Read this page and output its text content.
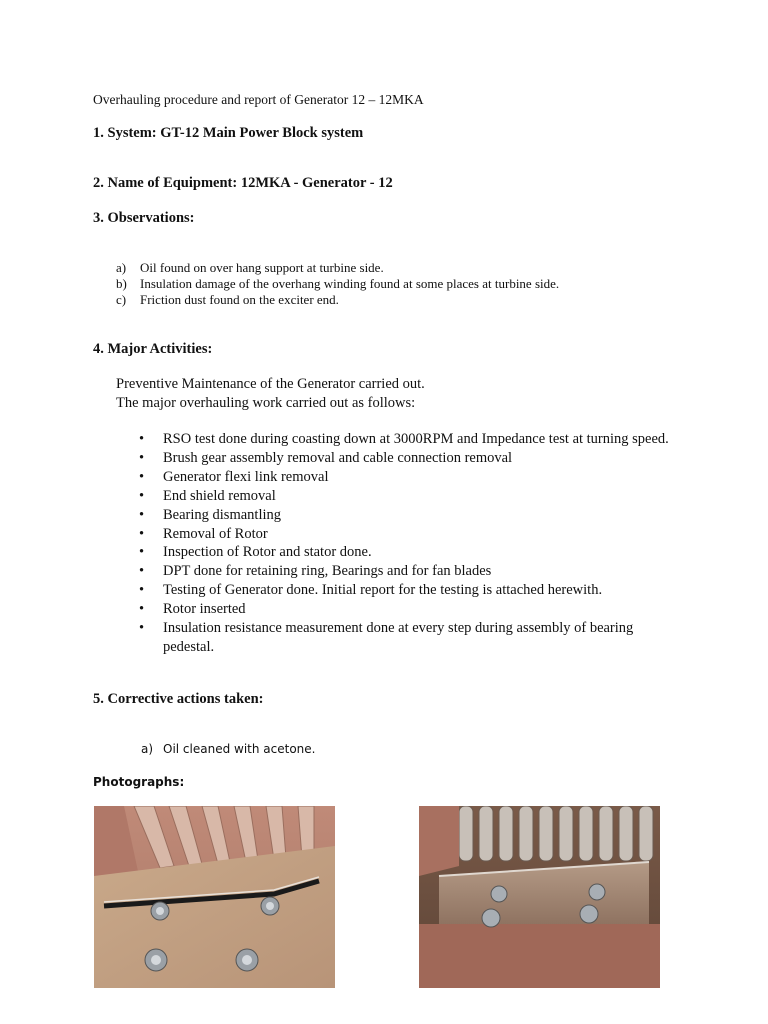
Overhauling procedure and report of Generator 12 – 12MKA
1. System: GT-12 Main Power Block system
2. Name of Equipment: 12MKA - Generator - 12
3. Observations:
a)	Oil found on over hang support at turbine side.
b)	Insulation damage of the overhang winding found at some places at turbine side.
c)	Friction dust found on the exciter end.
4. Major Activities:
Preventive Maintenance of the Generator carried out.
The major overhauling work carried out as follows:
• RSO test done during coasting down at 3000RPM and Impedance test at turning speed.
• Brush gear assembly removal and cable connection removal
• Generator flexi link removal
• End shield removal
• Bearing dismantling
• Removal of Rotor
• Inspection of Rotor and stator done.
• DPT done for retaining ring, Bearings and for fan blades
• Testing of Generator done. Initial report for the testing is attached herewith.
• Rotor inserted
• Insulation resistance measurement done at every step during assembly of bearing pedestal.
5. Corrective actions taken:
a) Oil cleaned with acetone.
Photographs:
